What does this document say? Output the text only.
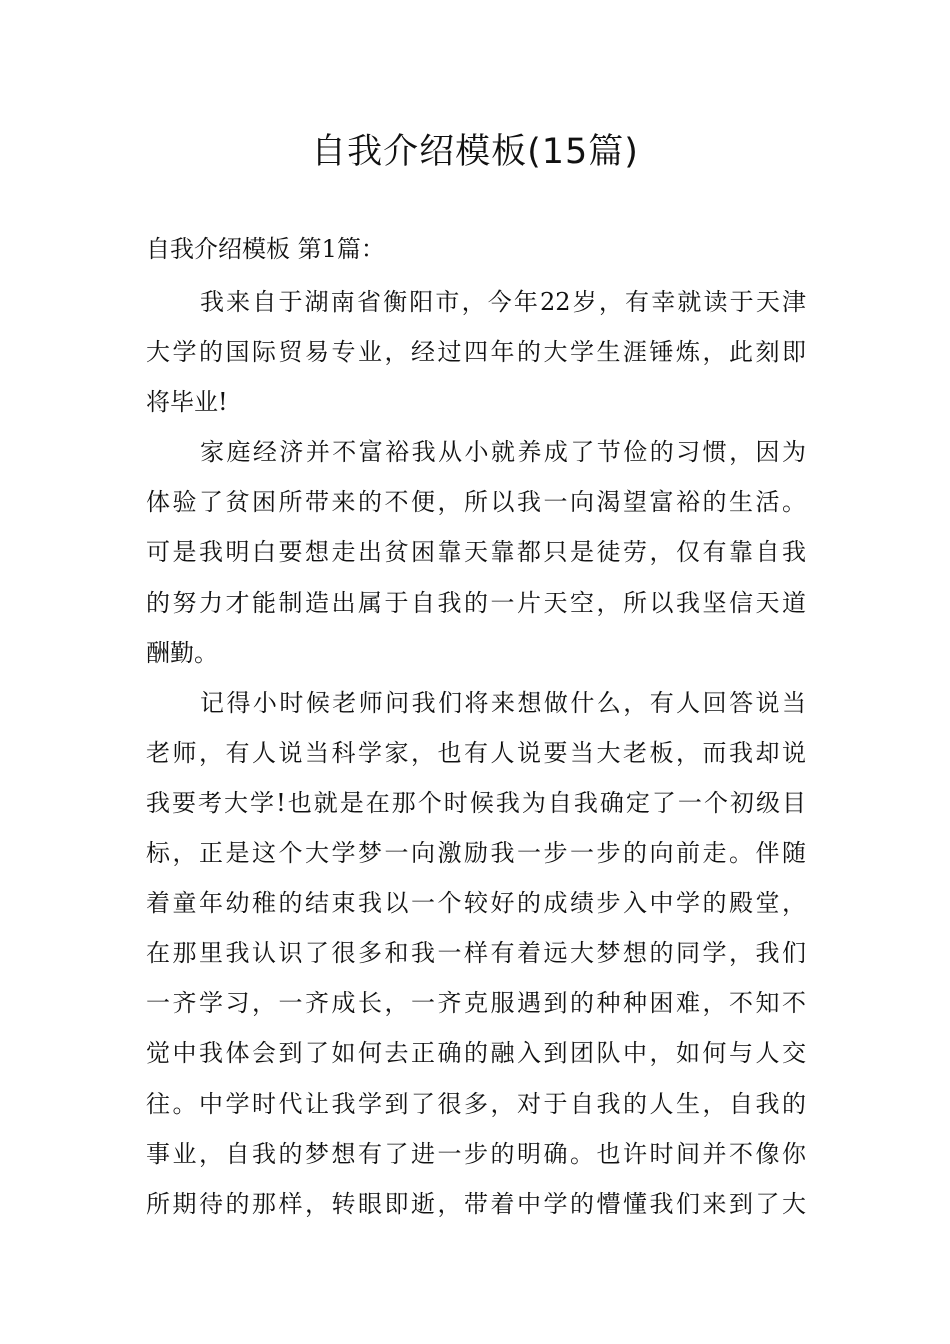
自我介绍模板(15篇)

自我介绍模板 第1篇：

我来自于湖南省衡阳市，今年22岁，有幸就读于天津
大学的国际贸易专业，经过四年的大学生涯锤炼，此刻即
将毕业!
家庭经济并不富裕我从小就养成了节俭的习惯，因为
体验了贫困所带来的不便，所以我一向渴望富裕的生活。
可是我明白要想走出贫困靠天靠都只是徒劳，仅有靠自我
的努力才能制造出属于自我的一片天空，所以我坚信天道
酬勤。
记得小时候老师问我们将来想做什么，有人回答说当
老师，有人说当科学家，也有人说要当大老板，而我却说
我要考大学!也就是在那个时候我为自我确定了一个初级目
标，正是这个大学梦一向激励我一步一步的向前走。伴随
着童年幼稚的结束我以一个较好的成绩步入中学的殿堂，
在那里我认识了很多和我一样有着远大梦想的同学，我们
一齐学习，一齐成长，一齐克服遇到的种种困难，不知不
觉中我体会到了如何去正确的融入到团队中，如何与人交
往。中学时代让我学到了很多，对于自我的人生，自我的
事业，自我的梦想有了进一步的明确。也许时间并不像你
所期待的那样，转眼即逝，带着中学的懵懂我们来到了大
